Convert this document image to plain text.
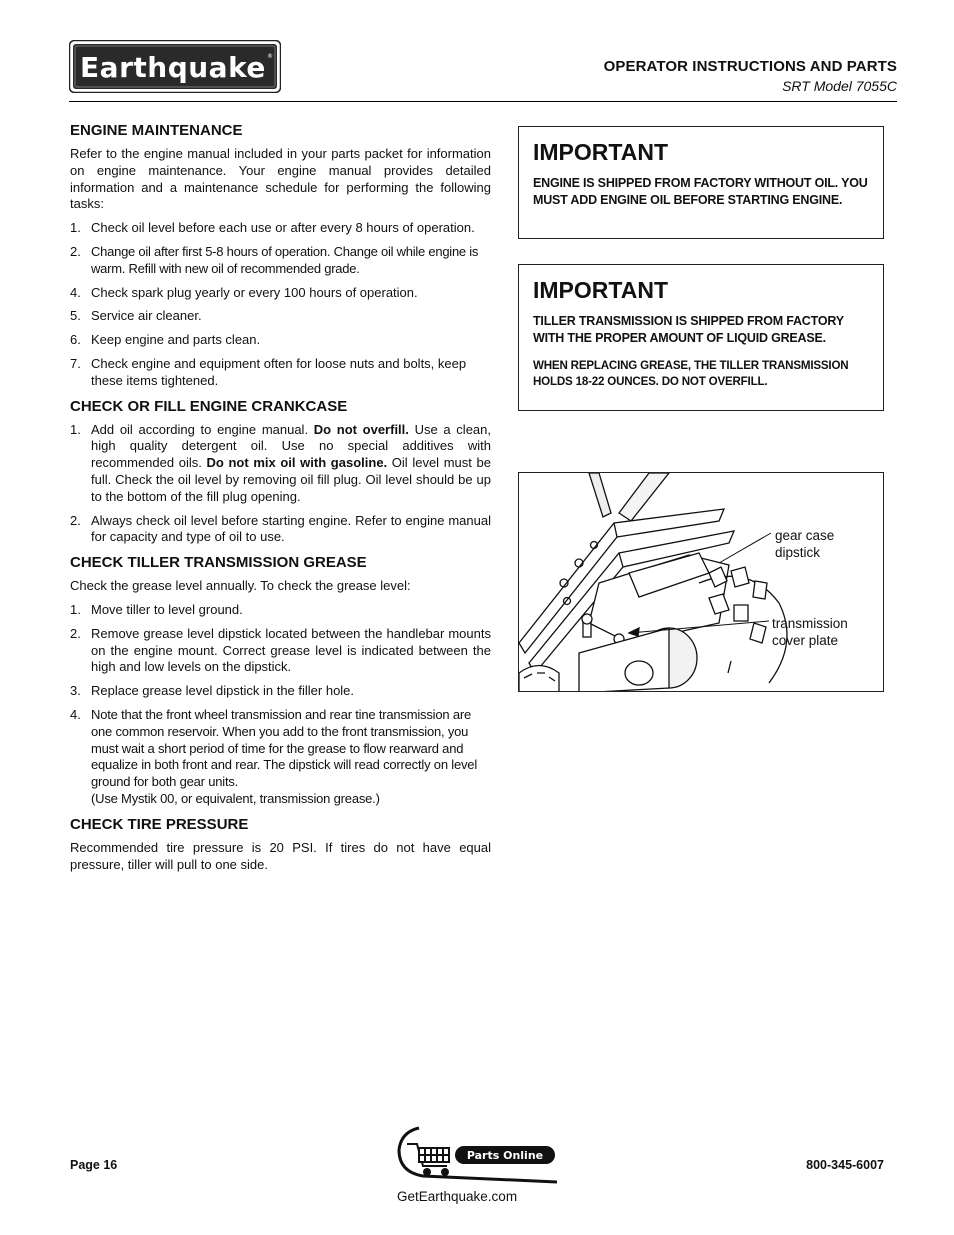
Earthquake ®
OPERATOR INSTRUCTIONS AND PARTS
SRT Model 7055C
ENGINE MAINTENANCE
Refer to the engine manual included in your parts packet for information on engine maintenance. Your engine manual provides detailed information and a maintenance schedule for performing the following tasks:
1. Check oil level before each use or after every 8 hours of operation.
2. Change oil after first 5-8 hours of operation. Change oil while engine is warm. Refill with new oil of recommended grade.
4. Check spark plug yearly or every 100 hours of operation.
5. Service air cleaner.
6. Keep engine and parts clean.
7. Check engine and equipment often for loose nuts and bolts, keep these items tightened.
CHECK OR FILL ENGINE CRANKCASE
1. Add oil according to engine manual. Do not overfill. Use a clean, high quality detergent oil. Use no special additives with recommended oils. Do not mix oil with gasoline. Oil level must be full. Check the oil level by removing oil fill plug. Oil level should be up to the bottom of the fill plug opening.
2. Always check oil level before starting engine. Refer to engine manual for capacity and type of oil to use.
CHECK TILLER TRANSMISSION GREASE
Check the grease level annually. To check the grease level:
1. Move tiller to level ground.
2. Remove grease level dipstick located between the handlebar mounts on the engine mount. Correct grease level is indicated between the high and low levels on the dipstick.
3. Replace grease level dipstick in the filler hole.
4. Note that the front wheel transmission and rear tine transmission are one common reservoir. When you add to the front transmission, you must wait a short period of time for the grease to flow rearward and equalize in both front and rear. The dipstick will read correctly on level ground for both gear units.
(Use Mystik 00, or equivalent, transmission grease.)
CHECK TIRE PRESSURE
Recommended tire pressure is 20 PSI. If tires do not have equal pressure, tiller will pull to one side.
IMPORTANT
ENGINE IS SHIPPED FROM FACTORY WITHOUT OIL. YOU MUST ADD ENGINE OIL BEFORE STARTING ENGINE.
IMPORTANT
TILLER TRANSMISSION IS SHIPPED FROM FACTORY WITH THE PROPER AMOUNT OF LIQUID GREASE.
WHEN REPLACING GREASE, THE TILLER TRANSMISSION HOLDS 18-22 OUNCES. DO NOT OVERFILL.
gear case
dipstick
transmission
cover plate
Page 16	800-345-6007
Parts Online
GetEarthquake.com
